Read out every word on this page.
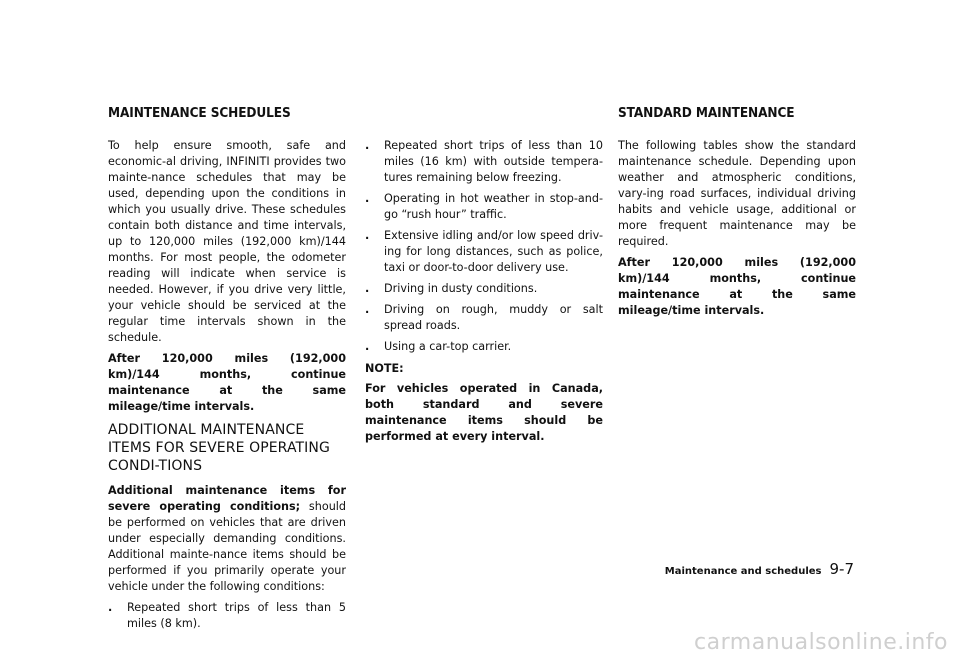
MAINTENANCE SCHEDULES

To help ensure smooth, safe and economic-al driving, INFINITI provides two mainte-nance schedules that may be used, depending upon the conditions in which you usually drive. These schedules contain both distance and time intervals, up to 120,000 miles (192,000 km)/144 months. For most people, the odometer reading will indicate when service is needed. However, if you drive very little, your vehicle should be serviced at the regular time intervals shown in the schedule.

After 120,000 miles (192,000 km)/144 months, continue maintenance at the same mileage/time intervals.

ADDITIONAL MAINTENANCE ITEMS FOR SEVERE OPERATING CONDI-TIONS

Additional maintenance items for severe operating conditions; should be performed on vehicles that are driven under especially demanding conditions. Additional mainte-nance items should be performed if you primarily operate your vehicle under the following conditions:

. Repeated short trips of less than 5 miles (8 km).
. Repeated short trips of less than 10 miles (16 km) with outside tempera-tures remaining below freezing.
. Operating in hot weather in stop-and-go “rush hour” traffic.
. Extensive idling and/or low speed driv-ing for long distances, such as police, taxi or door-to-door delivery use.
. Driving in dusty conditions.
. Driving on rough, muddy or salt spread roads.
. Using a car-top carrier.
NOTE:

For vehicles operated in Canada, both standard and severe maintenance items should be performed at every interval.

STANDARD MAINTENANCE

The following tables show the standard maintenance schedule. Depending upon weather and atmospheric conditions, vary-ing road surfaces, individual driving habits and vehicle usage, additional or more frequent maintenance may be required.

After 120,000 miles (192,000 km)/144 months, continue maintenance at the same mileage/time intervals.

Maintenance and schedules 9-7
carmanualsonline.info
